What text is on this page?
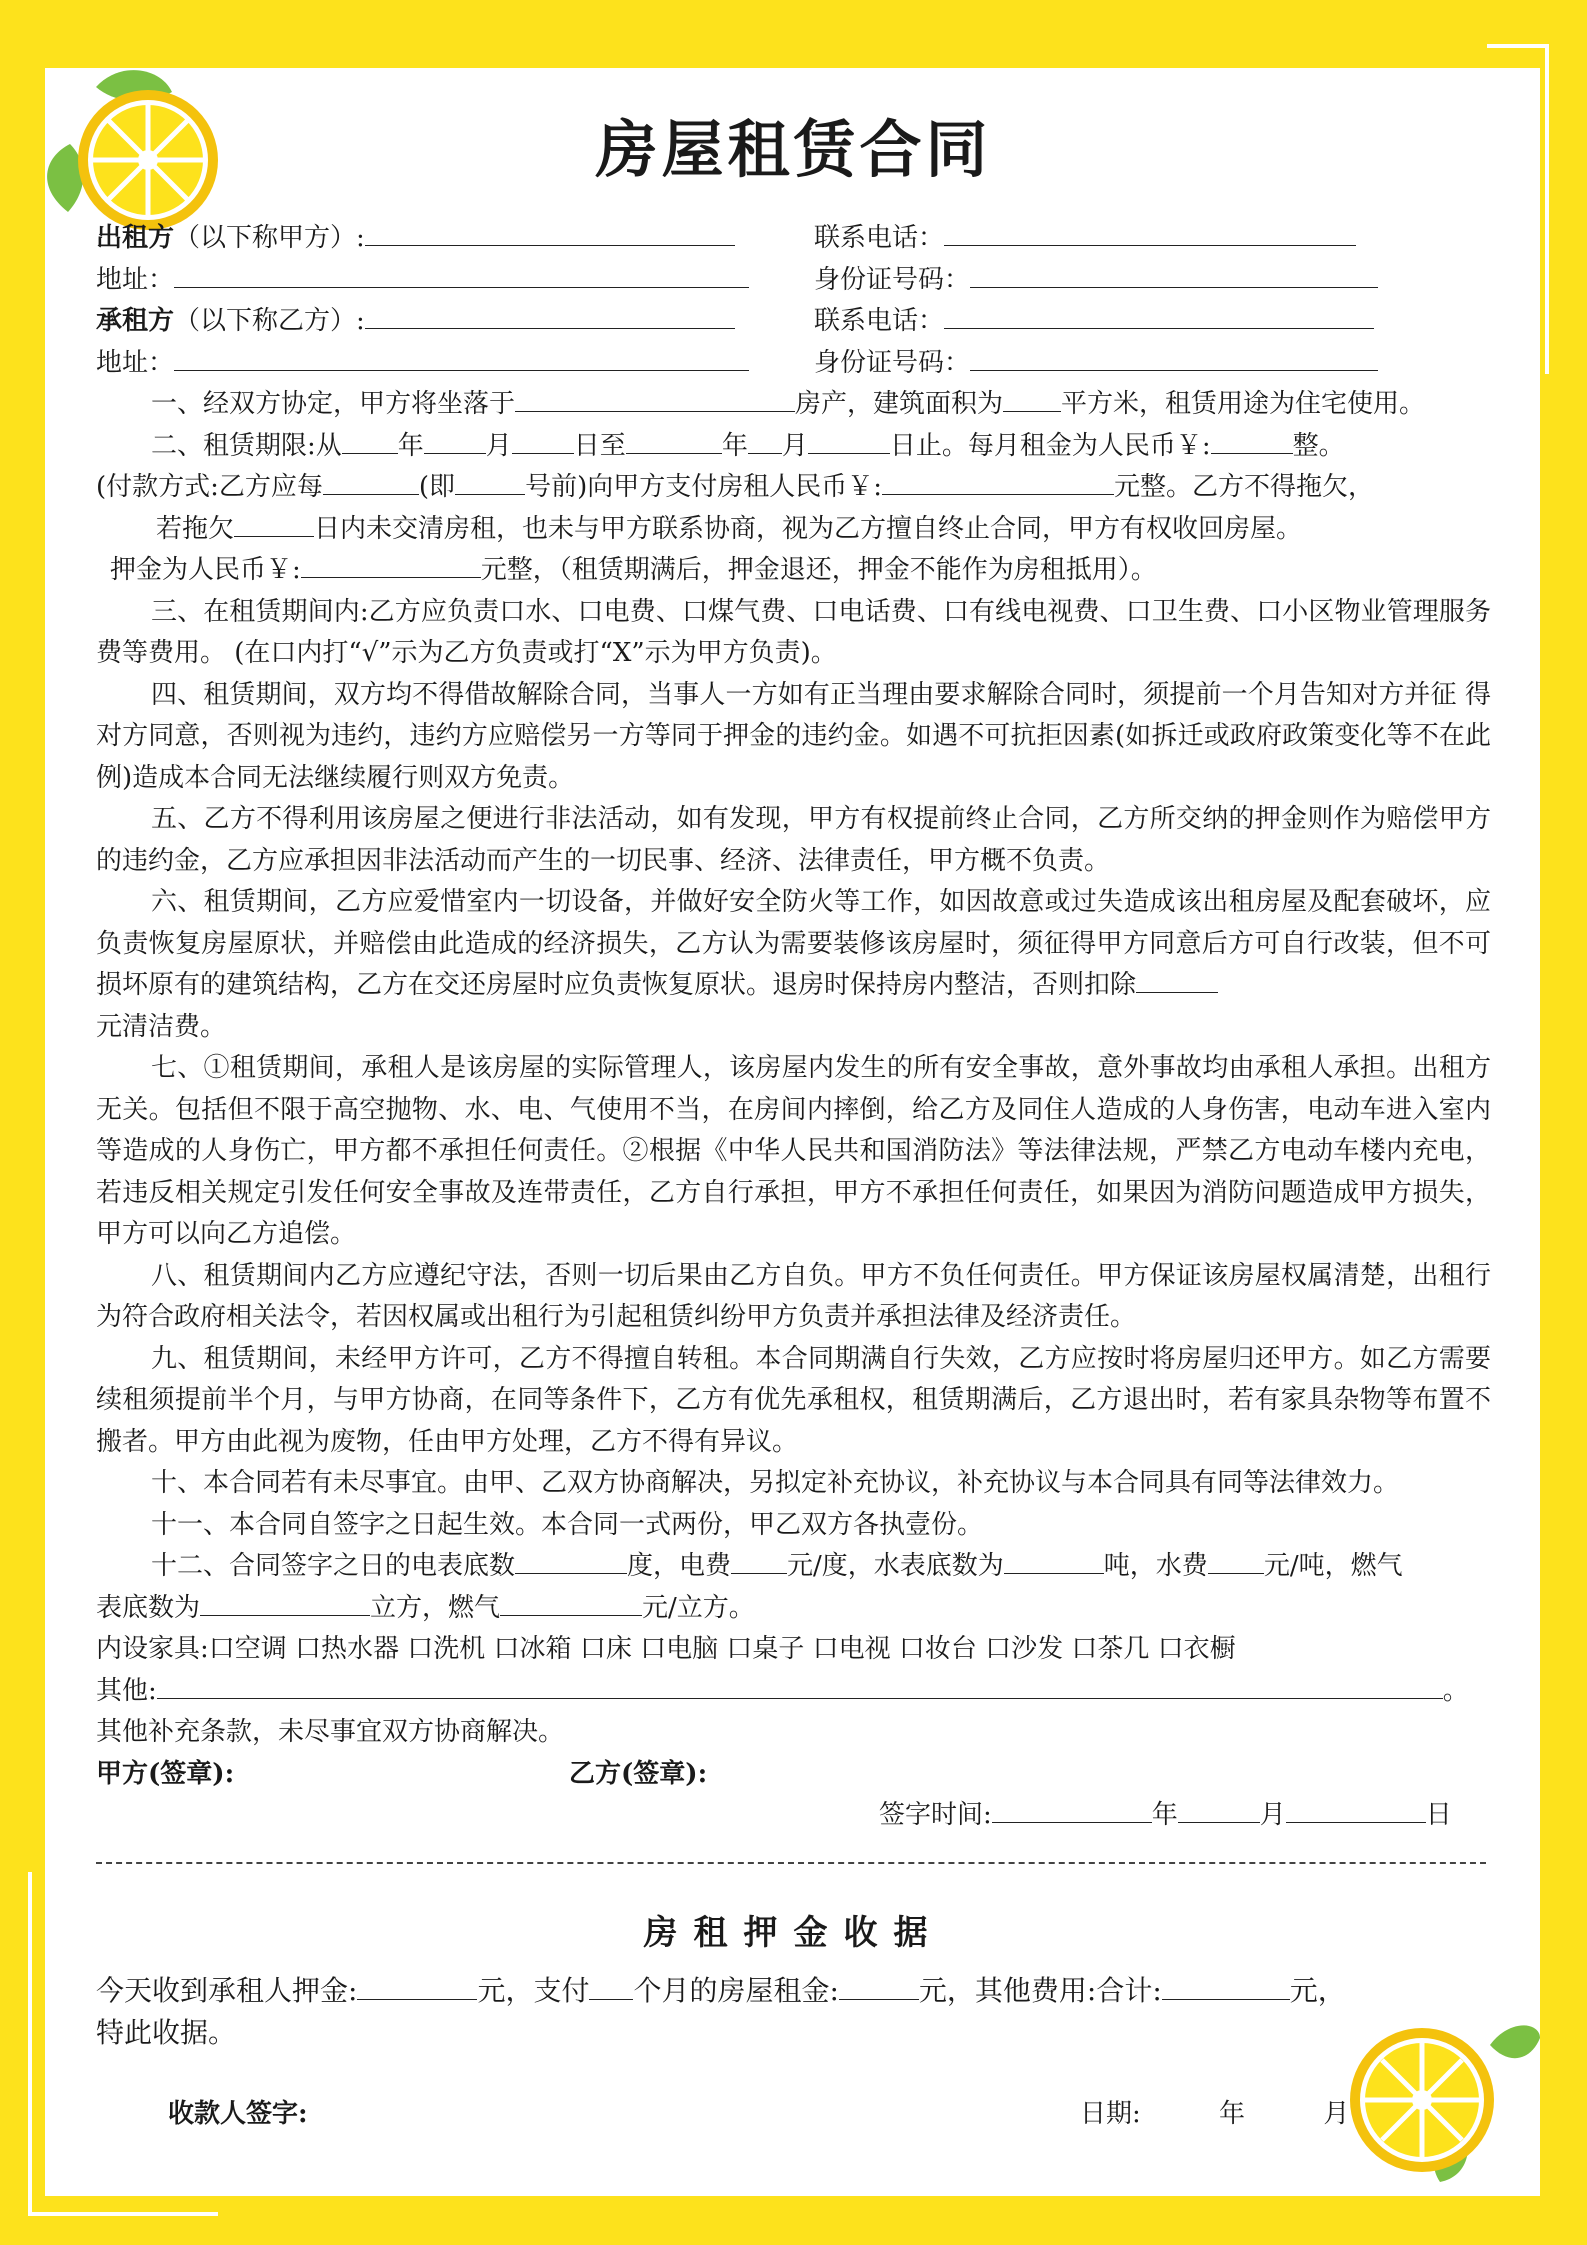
房屋租赁合同
出租方（以下称甲方）:	联系电话：
地址：	身份证号码：
承租方（以下称乙方）:	联系电话：
地址：	身份证号码：

一、经双方协定，甲方将坐落于	房产，建筑面积为 平方米，租赁用途为住宅使用。

二、租赁期限:从 年 月 日至	年 月	日止。每月租金为人民币￥:	整。

(付款方式:乙方应每	(即	号前)向甲方支付房租人民币￥:	元整。乙方不得拖欠，

若拖欠	日内未交清房租，也未与甲方联系协商，视为乙方擅自终止合同，甲方有权收回房屋。

押金为人民币￥:	元整，（租赁期满后，押金退还，押金不能作为房租抵用）。

三、在租赁期间内:乙方应负责口水、口电费、口煤气费、口电话费、口有线电视费、口卫生费、口小区物业管理服务费等费用。 (在口内打“√”示为乙方负责或打“X”示为甲方负责)。

四、租赁期间，双方均不得借故解除合同，当事人一方如有正当理由要求解除合同时，须提前一个月告知对方并征 得对方同意，否则视为违约，违约方应赔偿另一方等同于押金的违约金。如遇不可抗拒因素(如拆迁或政府政策变化等不在此例)造成本合同无法继续履行则双方免责。

五、乙方不得利用该房屋之便进行非法活动，如有发现，甲方有权提前终止合同，乙方所交纳的押金则作为赔偿甲方的违约金，乙方应承担因非法活动而产生的一切民事、经济、法律责任，甲方概不负责。

六、租赁期间，乙方应爱惜室内一切设备，并做好安全防火等工作，如因故意或过失造成该出租房屋及配套破坏，应负责恢复房屋原状，并赔偿由此造成的经济损失，乙方认为需要装修该房屋时，须征得甲方同意后方可自行改装，但不可损坏原有的建筑结构，乙方在交还房屋时应负责恢复原状。退房时保持房内整洁，否则扣除
元清洁费。

七、①租赁期间，承租人是该房屋的实际管理人，该房屋内发生的所有安全事故，意外事故均由承租人承担。出租方无关。包括但不限于高空抛物、水、电、气使用不当，在房间内摔倒，给乙方及同住人造成的人身伤害，电动车进入室内等造成的人身伤亡，甲方都不承担任何责任。②根据《中华人民共和国消防法》等法律法规，严禁乙方电动车楼内充电，若违反相关规定引发任何安全事故及连带责任，乙方自行承担，甲方不承担任何责任，如果因为消防问题造成甲方损失，甲方可以向乙方追偿。

八、租赁期间内乙方应遵纪守法，否则一切后果由乙方自负。甲方不负任何责任。甲方保证该房屋权属清楚，出租行为符合政府相关法令，若因权属或出租行为引起租赁纠纷甲方负责并承担法律及经济责任。

九、租赁期间，未经甲方许可，乙方不得擅自转租。本合同期满自行失效，乙方应按时将房屋归还甲方。如乙方需要续租须提前半个月，与甲方协商，在同等条件下，乙方有优先承租权，租赁期满后，乙方退出时，若有家具杂物等布置不搬者。甲方由此视为废物，任由甲方处理，乙方不得有异议。

十、本合同若有未尽事宜。由甲、乙双方协商解决，另拟定补充协议，补充协议与本合同具有同等法律效力。

十一、本合同自签字之日起生效。本合同一式两份，甲乙双方各执壹份。

十二、合同签字之日的电表底数	度，电费 元/度，水表底数为	吨，水费 元/吨，燃气

表底数为	立方，燃气	元/立方。

内设家具:口空调 口热水器 口洗机 口冰箱 口床 口电脑 口桌子 口电视 口妆台 口沙发 口茶几 口衣橱

其他:	。

其他补充条款，未尽事宜双方协商解决。

甲方(签章):	乙方(签章):

签字时间:	年	月	日

房租押金收据

今天收到承租人押金:	元，支付 个月的房屋租金:	元，其他费用:合计:	元，

特此收据。

收款人签字:	日期:	年	月
